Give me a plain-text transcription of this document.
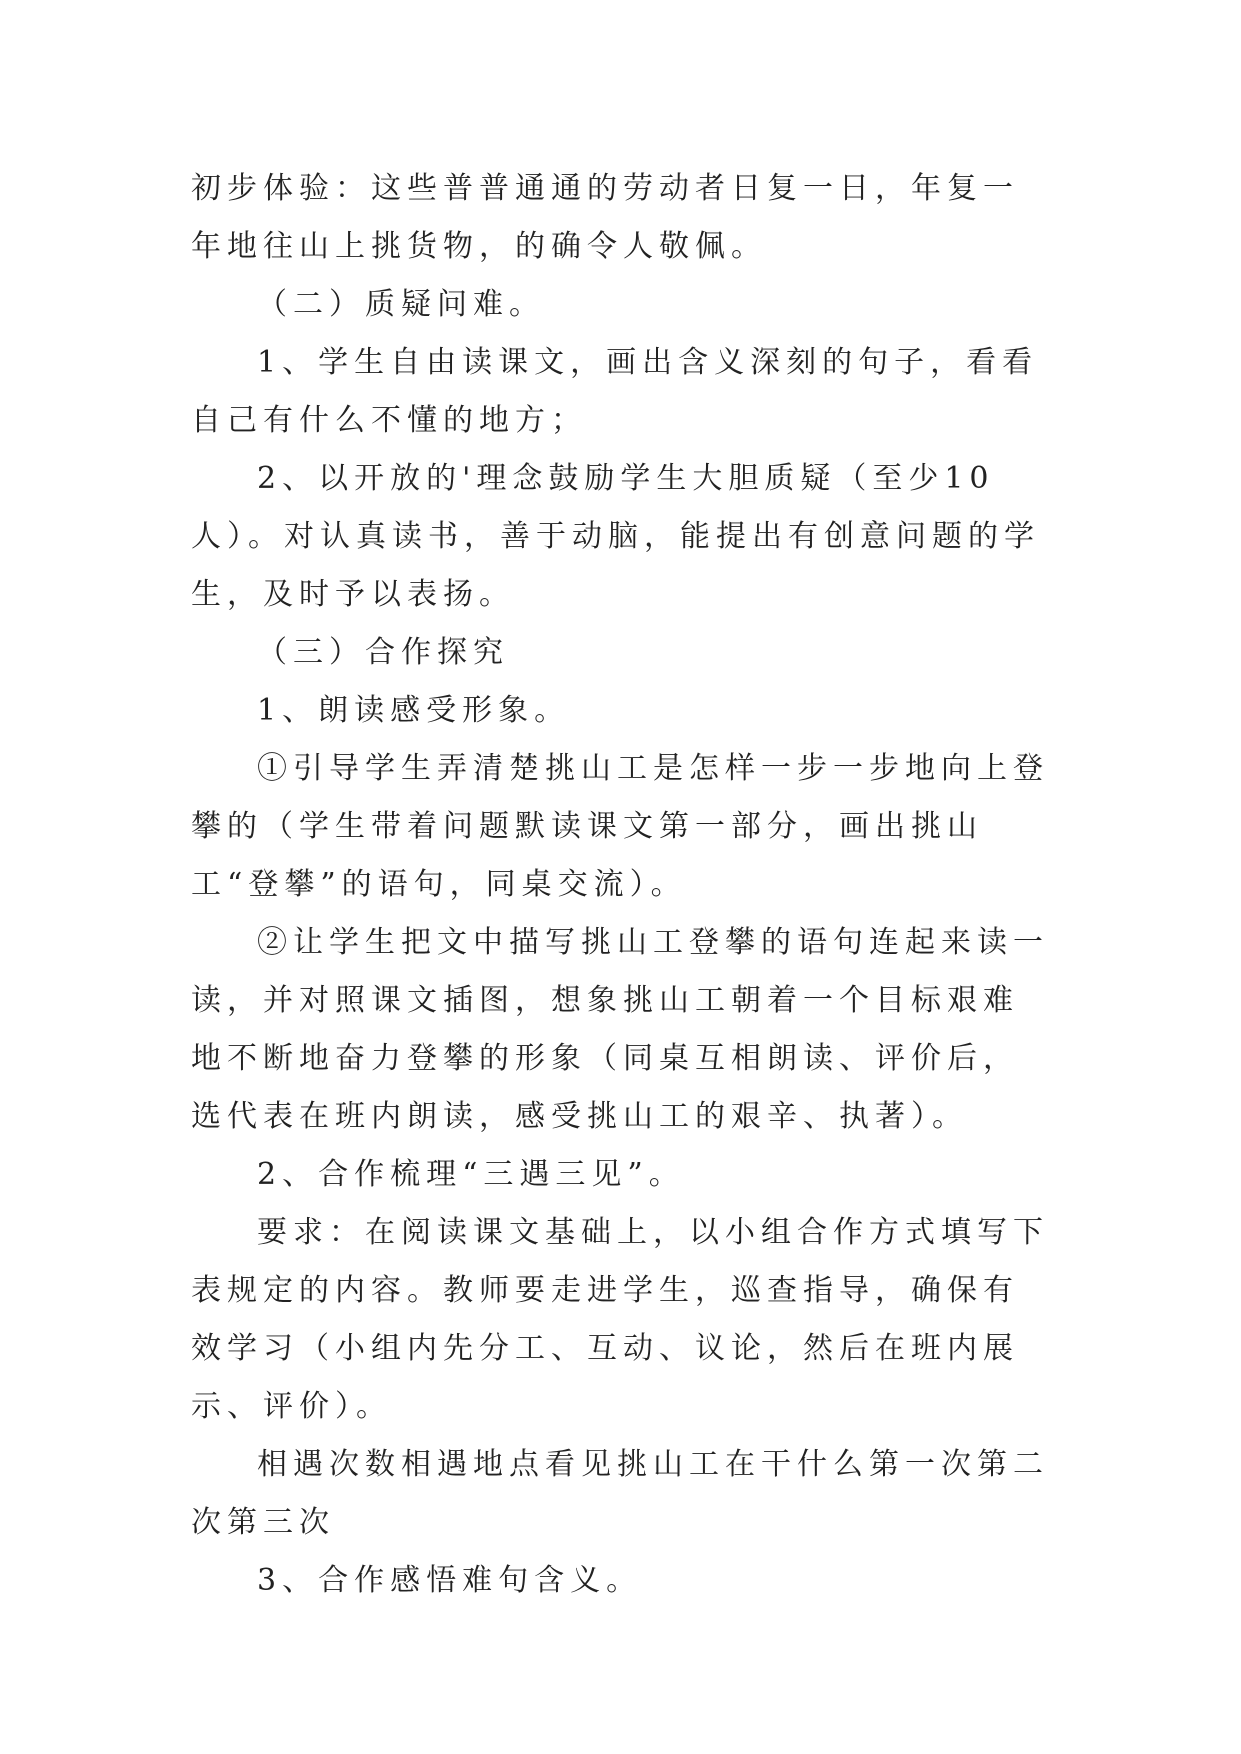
初步体验：这些普普通通的劳动者日复一日，年复一年地往山上挑货物，的确令人敬佩。

（二）质疑问难。

1、学生自由读课文，画出含义深刻的句子，看看自己有什么不懂的地方；

2、以开放的'理念鼓励学生大胆质疑（至少10人）。对认真读书，善于动脑，能提出有创意问题的学生，及时予以表扬。

（三）合作探究

1、朗读感受形象。

①引导学生弄清楚挑山工是怎样一步一步地向上登攀的（学生带着问题默读课文第一部分，画出挑山工“登攀”的语句，同桌交流）。

②让学生把文中描写挑山工登攀的语句连起来读一读，并对照课文插图，想象挑山工朝着一个目标艰难地不断地奋力登攀的形象（同桌互相朗读、评价后，选代表在班内朗读，感受挑山工的艰辛、执著）。

2、合作梳理“三遇三见”。

要求：在阅读课文基础上，以小组合作方式填写下表规定的内容。教师要走进学生，巡查指导，确保有效学习（小组内先分工、互动、议论，然后在班内展示、评价）。

相遇次数相遇地点看见挑山工在干什么第一次第二次第三次

3、合作感悟难句含义。
